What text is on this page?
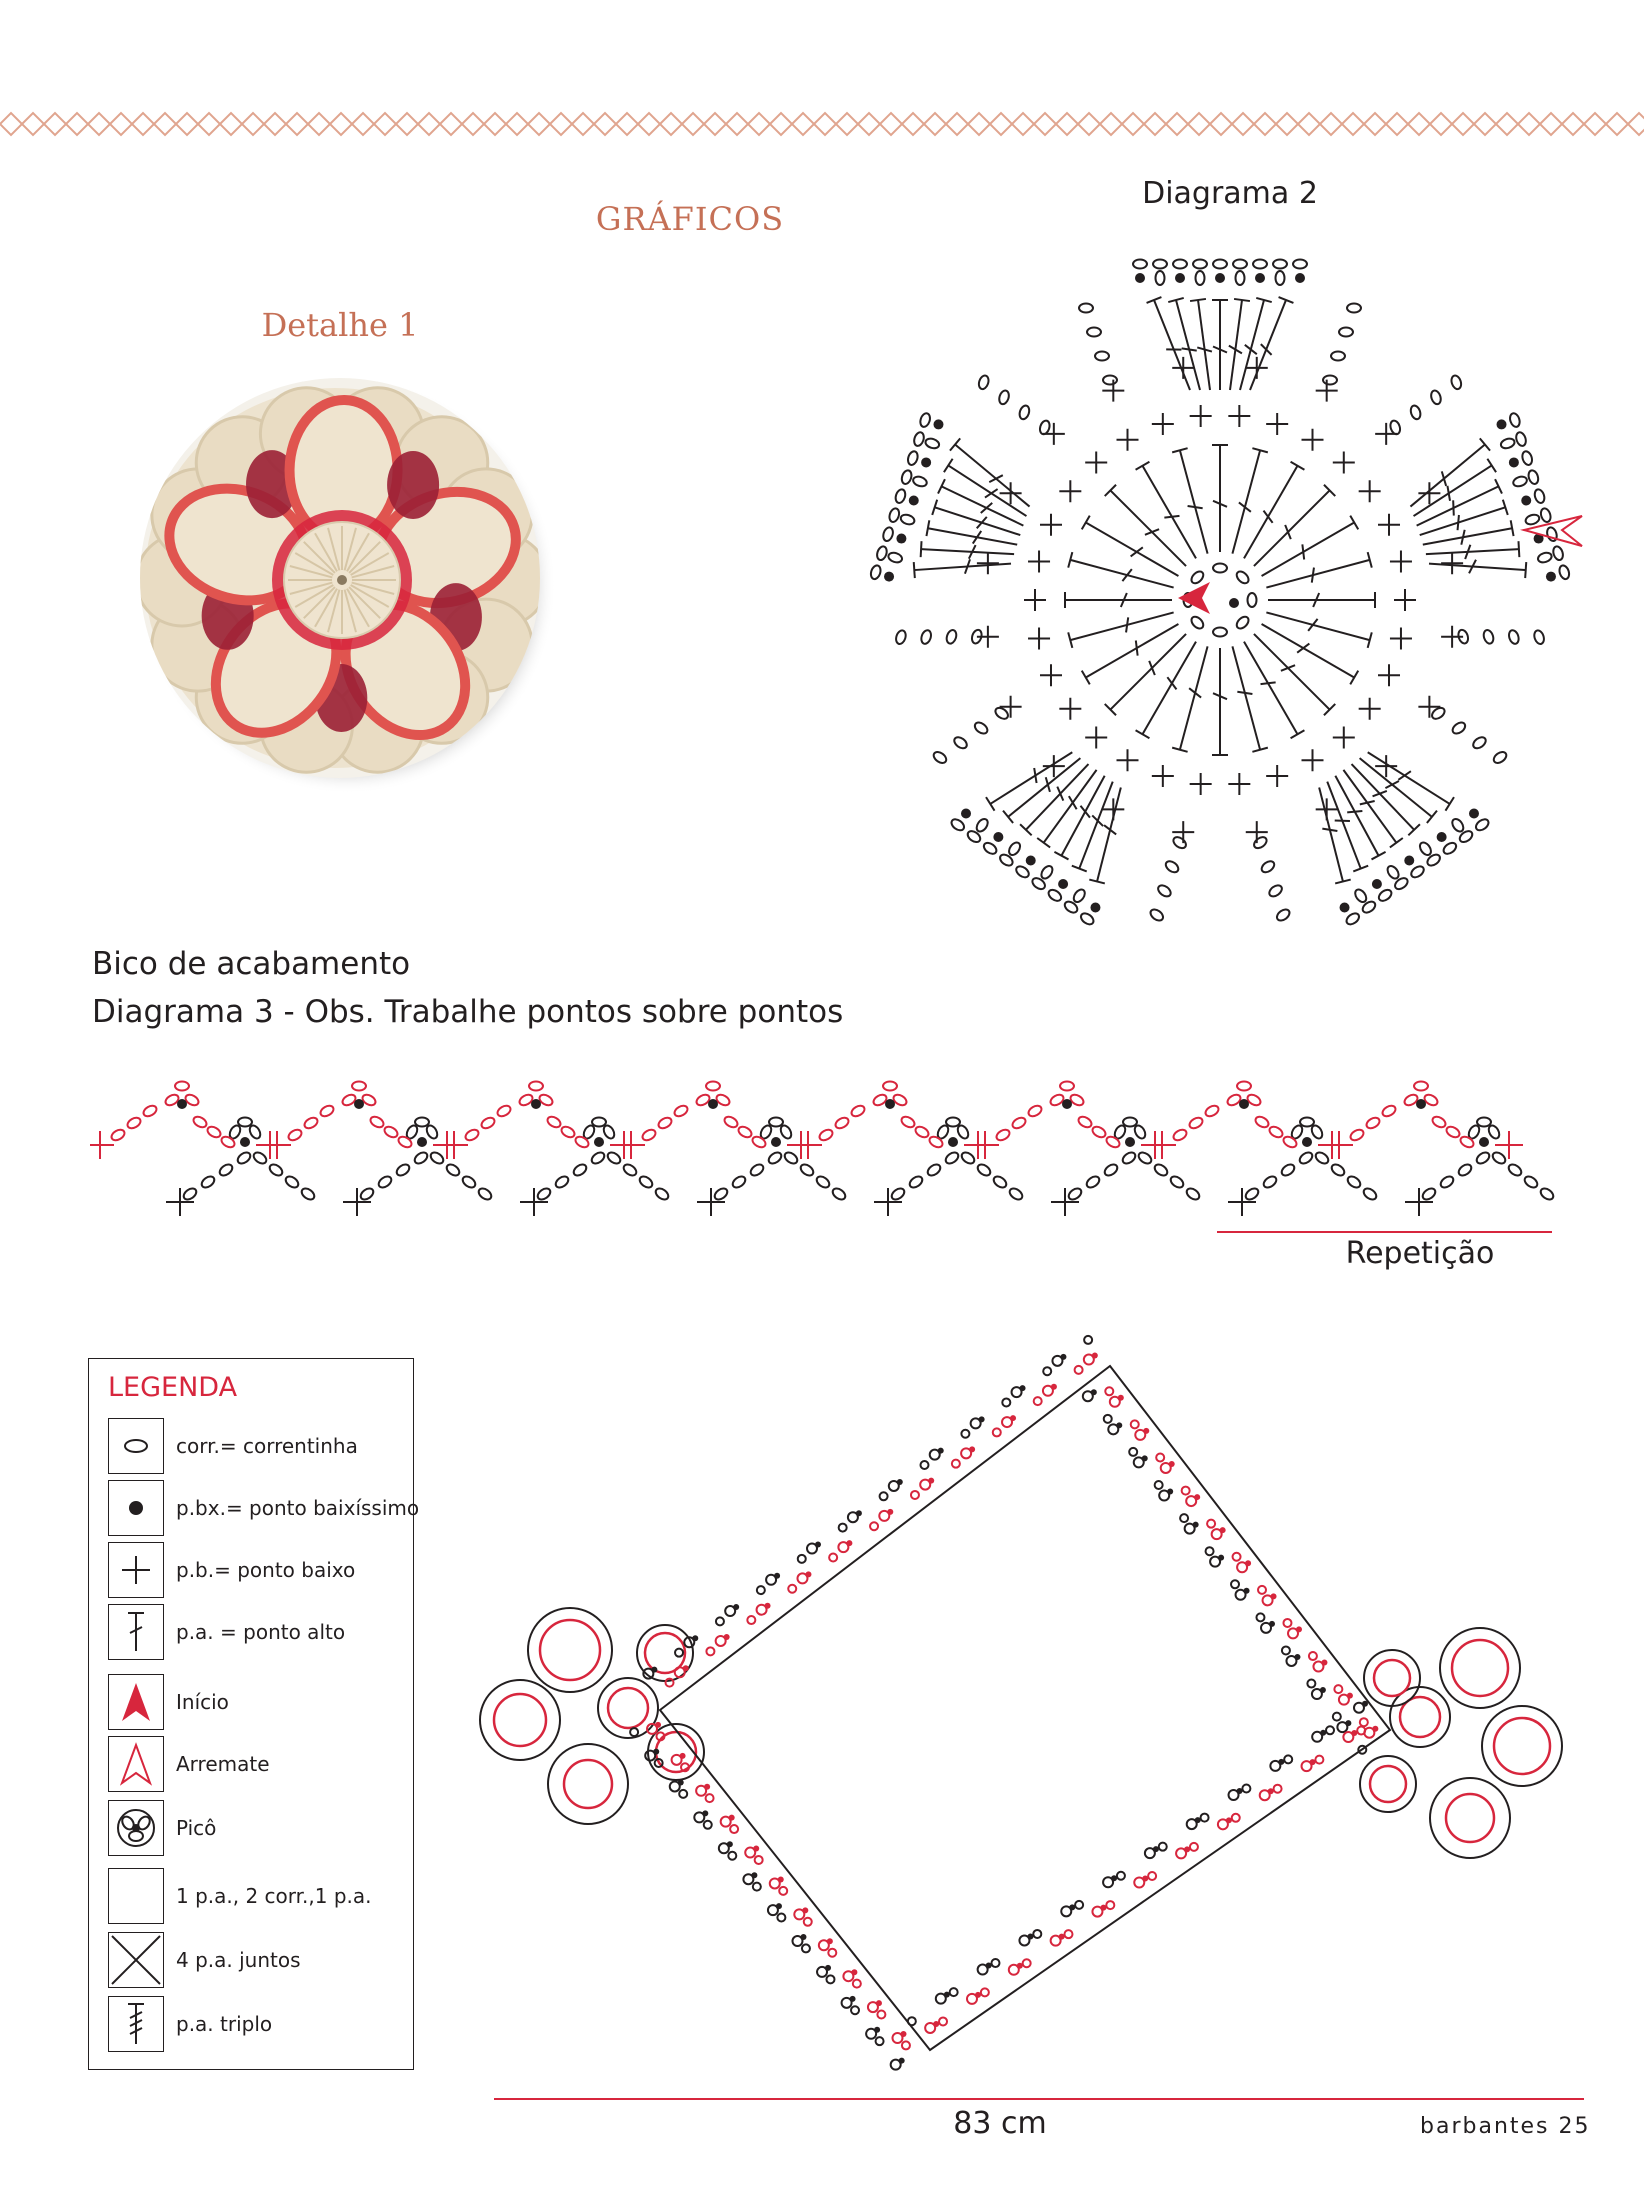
GRÁFICOS
Detalhe 1
Diagrama 2
Bico de acabamento
Diagrama 3 - Obs. Trabalhe pontos sobre pontos
Repetição
LEGENDA
corr.= correntinha
p.bx.= ponto baixíssimo
p.b.= ponto baixo
p.a. = ponto alto
Início
Arremate
Picô
1 p.a., 2 corr.,1 p.a.
4 p.a. juntos
p.a. triplo
83 cm	barbantes 25
